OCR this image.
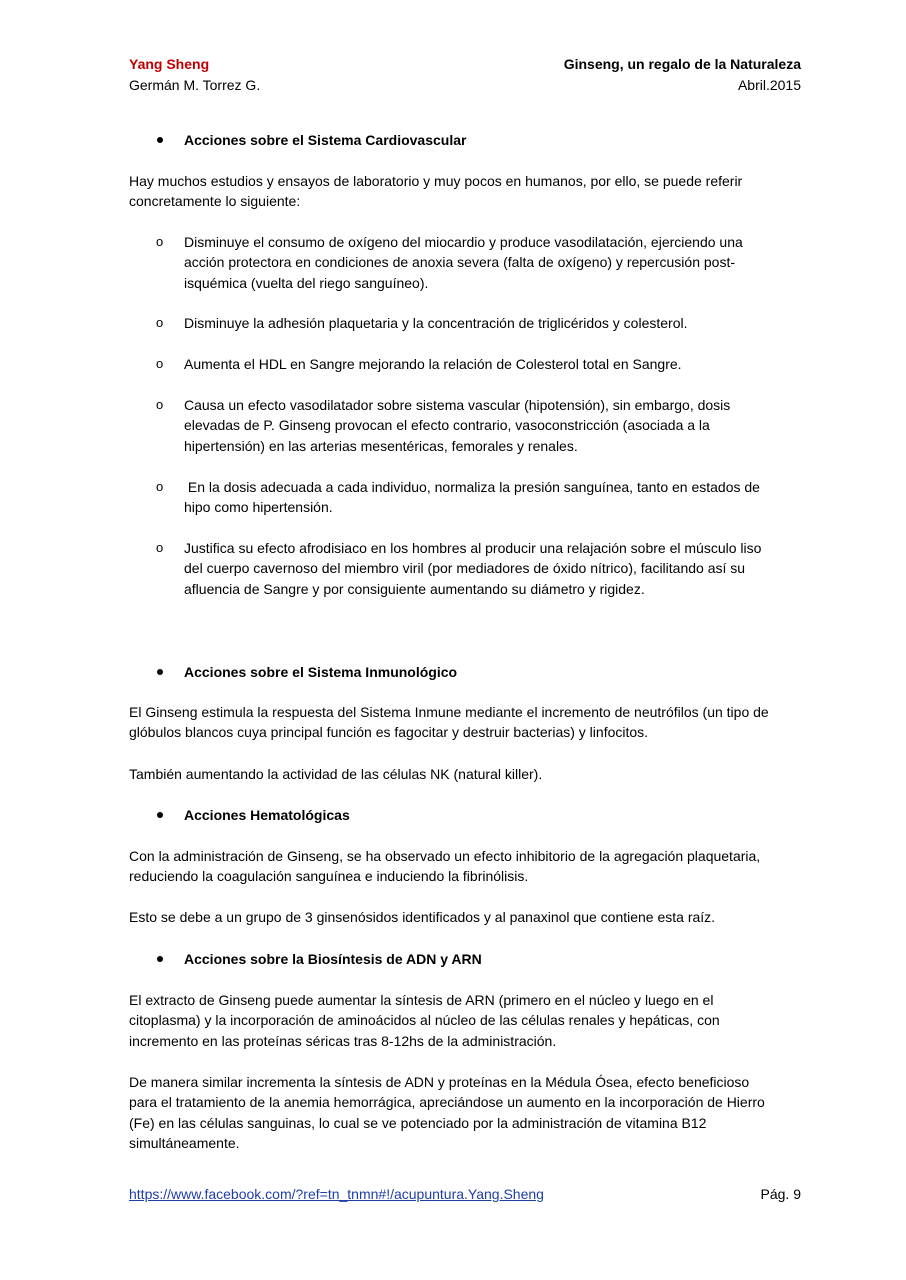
Yang Sheng
Germán M. Torrez G.
Ginseng, un regalo de la Naturaleza
Abril.2015
Acciones sobre el Sistema Cardiovascular
Hay muchos estudios y ensayos de laboratorio y muy pocos en humanos, por ello, se puede referir concretamente lo siguiente:
o Disminuye el consumo de oxígeno del miocardio y produce vasodilatación, ejerciendo una acción protectora en condiciones de anoxia severa (falta de oxígeno) y repercusión post-isquémica (vuelta del riego sanguíneo).
o Disminuye la adhesión plaquetaria y la concentración de triglicéridos y colesterol.
o Aumenta el HDL en Sangre mejorando la relación de Colesterol total en Sangre.
o Causa un efecto vasodilatador sobre sistema vascular (hipotensión), sin embargo, dosis elevadas de P. Ginseng provocan el efecto contrario, vasoconstricción (asociada a la hipertensión) en las arterias mesentéricas, femorales y renales.
o En la dosis adecuada a cada individuo, normaliza la presión sanguínea, tanto en estados de hipo como hipertensión.
o Justifica su efecto afrodisiaco en los hombres al producir una relajación sobre el músculo liso del cuerpo cavernoso del miembro viril (por mediadores de óxido nítrico), facilitando así su afluencia de Sangre y por consiguiente aumentando su diámetro y rigidez.
Acciones sobre el Sistema Inmunológico
El Ginseng estimula la respuesta del Sistema Inmune mediante el incremento de neutrófilos (un tipo de glóbulos blancos cuya principal función es fagocitar y destruir bacterias) y linfocitos.
También aumentando la actividad de las células NK (natural killer).
Acciones Hematológicas
Con la administración de Ginseng, se ha observado un efecto inhibitorio de la agregación plaquetaria, reduciendo la coagulación sanguínea e induciendo la fibrinólisis.
Esto se debe a un grupo de 3 ginsenósidos identificados y al panaxinol que contiene esta raíz.
Acciones sobre la Biosíntesis de ADN y ARN
El extracto de Ginseng puede aumentar la síntesis de ARN (primero en el núcleo y luego en el citoplasma) y la incorporación de aminoácidos al núcleo de las células renales y hepáticas, con incremento en las proteínas séricas tras 8-12hs de la administración.
De manera similar incrementa la síntesis de ADN y proteínas en la Médula Ósea, efecto beneficioso para el tratamiento de la anemia hemorrágica, apreciándose un aumento en la incorporación de Hierro (Fe) en las células sanguinas, lo cual se ve potenciado por la administración de vitamina B12 simultáneamente.
https://www.facebook.com/?ref=tn_tnmn#!/acupuntura.Yang.Sheng	Pág. 9
